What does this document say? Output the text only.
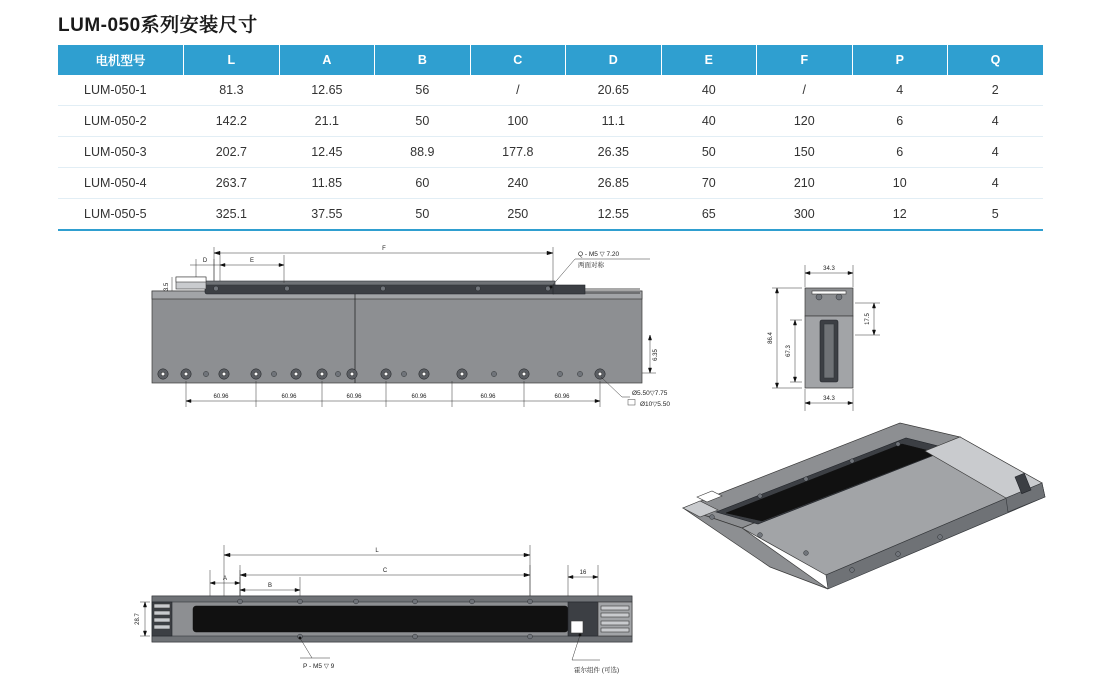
LUM-050系列安装尺寸
电机型号	L	A	B	C	D	E	F	P	Q
LUM-050-1	81.3	12.65	56	/	20.65	40	/	4	2
LUM-050-2	142.2	21.1	50	100	11.1	40	120	6	4
LUM-050-3	202.7	12.45	88.9	177.8	26.35	50	150	6	4
LUM-050-4	263.7	11.85	60	240	26.85	70	210	10	4
LUM-050-5	325.1	37.55	50	250	12.55	65	300	12	5
F
D	E
3.5
Q - M5 ▽ 7.20
两面对称
6.35
Ø5.50▽7.75
Ø10▽5.50
60.96	60.96	60.96	60.96	60.96	60.96
34.3
34.3
86.4
67.3
17.5
L
C
A
B
16
28.7
P - M5 ▽ 9
霍尔组件 (可选)
